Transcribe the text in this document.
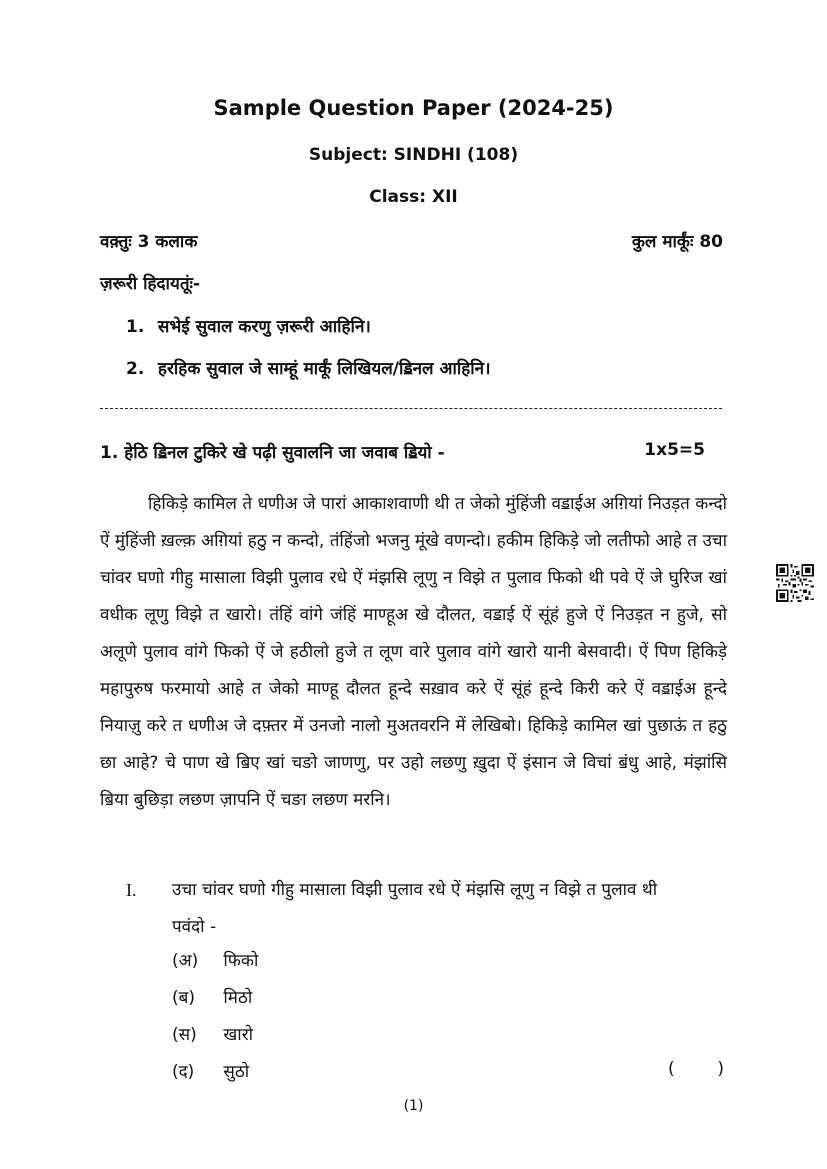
Sample Question Paper (2024-25)
Subject: SINDHI (108)
Class: XII
वक़्तुः 3 कलाक	कुल मार्कूंः 80
ज़रूरी हिदायतूंः-
1. सभेई सुवाल करणु ज़रूरी आहिनि।
2. हरहिक सुवाल जे साम्हूं मार्कूं लिखियल/ॾिनल आहिनि।
1. हेठि ॾिनल टुकिरे खे पढ़ी सुवालनि जा जवाब ॾियो -	1x5=5

हिकिड़े कामिल ते धणीअ जे पारां आकाशवाणी थी त जेको मुंहिंजी वॾाईअ अग़ियां निउड़त कन्दो ऐं मुंहिंजी ख़ल्क़ अग़ियां हठु न कन्दो, तंहिंजो भजनु मूंखे वणन्दो। हकीम हिकिड़े जो लतीफो आहे त उचा चांवर घणो गीहु मासाला विझी पुलाव रधे ऐं मंझसि लूणु न विझे त पुलाव फिको थी पवे ऐं जे घुरिज खां वधीक लूणु विझे त खारो। तंहिं वांगे जंहिं माण्हूअ खे दौलत, वॾाई ऐं सूंहं हुजे ऐं निउड़त न हुजे, सो अलूणे पुलाव वांगे फिको ऐं जे हठीलो हुजे त लूण वारे पुलाव वांगे खारो यानी बेसवादी। ऐं पिण हिकिड़े महापुरुष फरमायो आहे त जेको माण्हू दौलत हून्दे सख़ाव करे ऐं सूंहं हून्दे किरी करे ऐं वॾाईअ हून्दे नियाज़ु करे त धणीअ जे दफ़्तर में उनजो नालो मुअतवरनि में लेखिबो। हिकिड़े कामिल खां पुछाऊं त हठु छा आहे? चे पाण खे ॿिए खां चङो जाणणु, पर उहो लछणु ख़ुदा ऐं इंसान जे विचां ॿंधु आहे, मंझांसि ॿिया बुछिड़ा लछण ज़ापनि ऐं चङा लछण मरनि।

I. उचा चांवर घणो गीहु मासाला विझी पुलाव रधे ऐं मंझसि लूणु न विझे त पुलाव थी पवंदो -
(अ) फिको
(ब) मिठो
(स) खारो
(द) सुठो	(	)
(1)
